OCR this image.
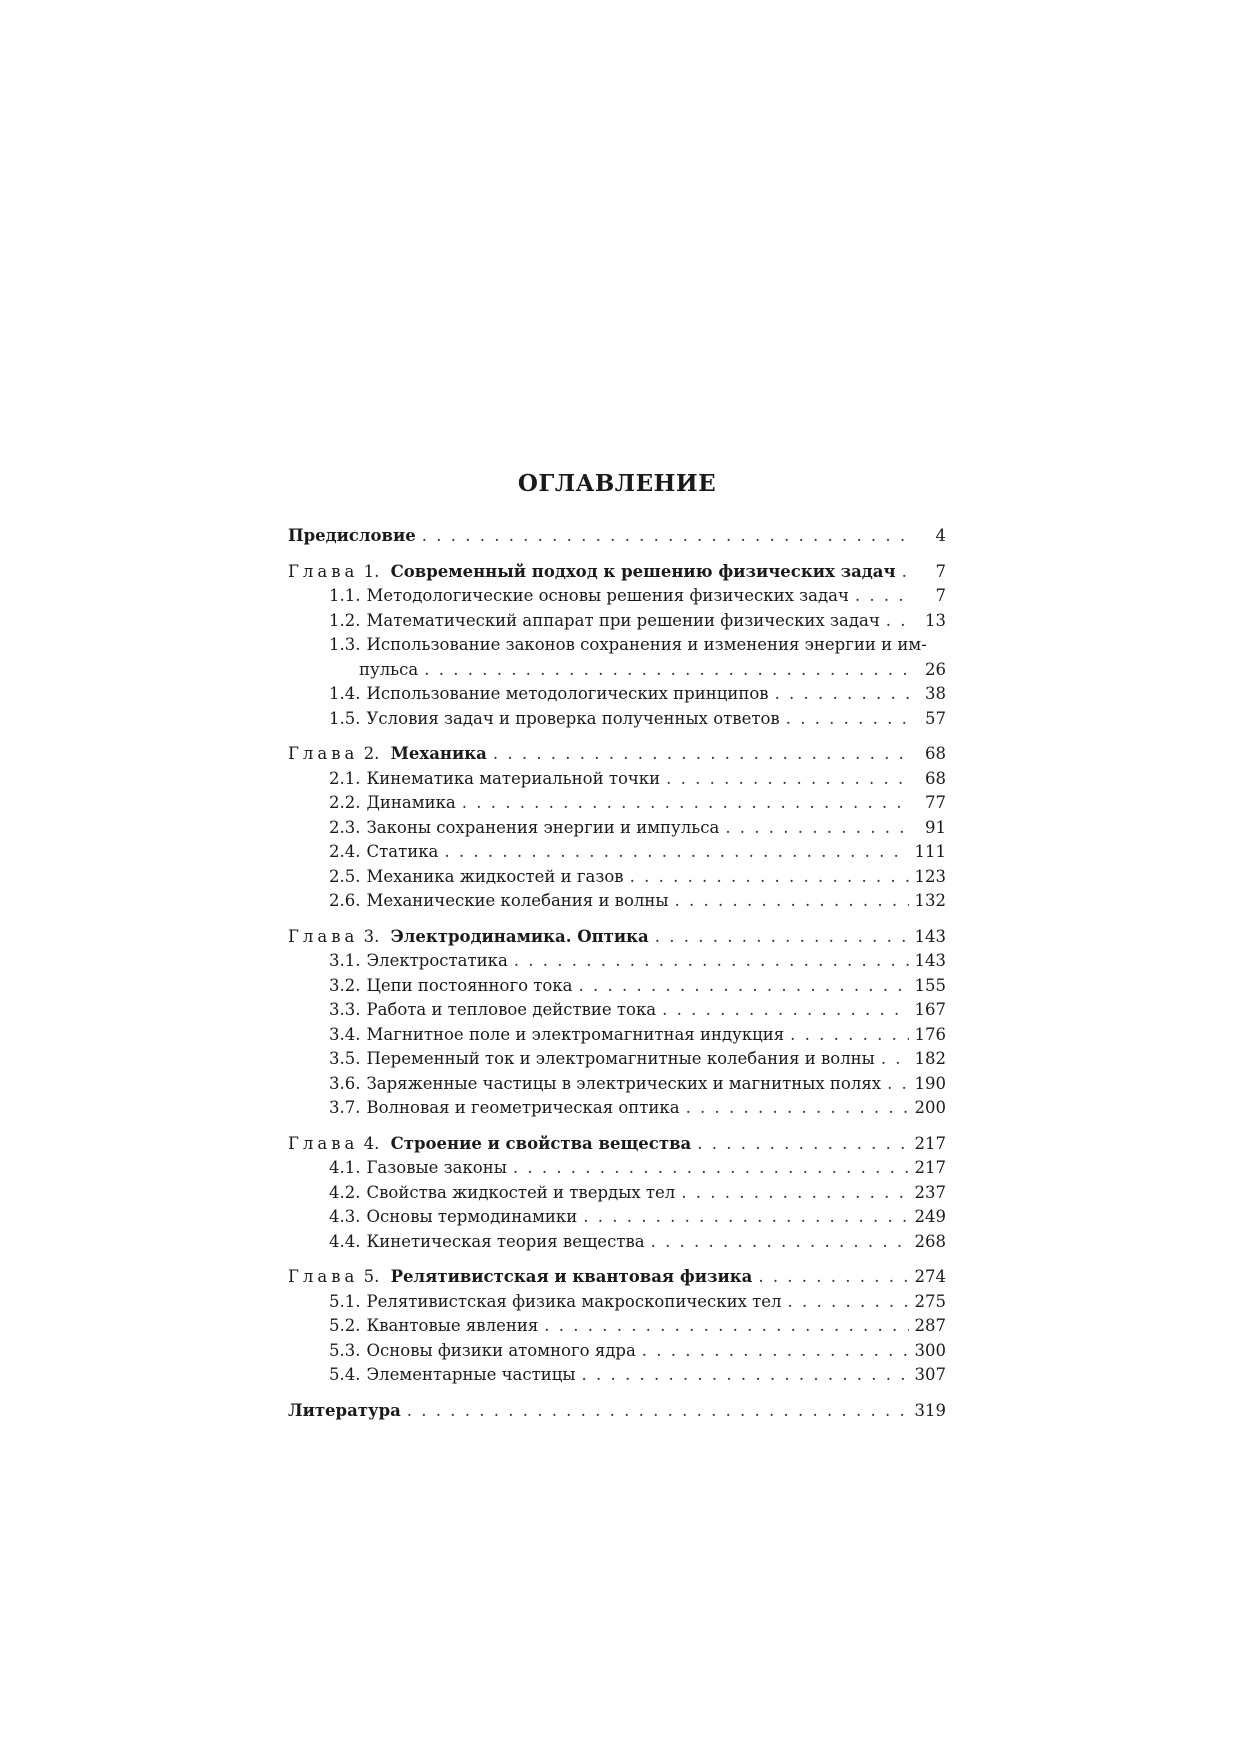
ОГЛАВЛЕНИЕ
Предисловие . . .	4
Глава 1. Современный подход к решению физических задач . . .	7
1.1. Методологические основы решения физических задач . . .	7
1.2. Математический аппарат при решении физических задач . . .	13
1.3. Использование законов сохранения и изменения энергии и им-
пульса . . .	26
1.4. Использование методологических принципов . . .	38
1.5. Условия задач и проверка полученных ответов . . .	57
Глава 2. Механика . . .	68
2.1. Кинематика материальной точки . . .	68
2.2. Динамика . . .	77
2.3. Законы сохранения энергии и импульса . . .	91
2.4. Статика . . .	111
2.5. Механика жидкостей и газов . . .	123
2.6. Механические колебания и волны . . .	132
Глава 3. Электродинамика. Оптика . . .	143
3.1. Электростатика . . .	143
3.2. Цепи постоянного тока . . .	155
3.3. Работа и тепловое действие тока . . .	167
3.4. Магнитное поле и электромагнитная индукция . . .	176
3.5. Переменный ток и электромагнитные колебания и волны . . . 182
3.6. Заряженные частицы в электрических и магнитных полях . . . 190
3.7. Волновая и геометрическая оптика . . .	200
Глава 4. Строение и свойства вещества . . .	217
4.1. Газовые законы . . .	217
4.2. Свойства жидкостей и твердых тел . . .	237
4.3. Основы термодинамики . . .	249
4.4. Кинетическая теория вещества . . .	268
Глава 5. Релятивистская и квантовая физика . . .	274
5.1. Релятивистская физика макроскопических тел . . .	275
5.2. Квантовые явления . . .	287
5.3. Основы физики атомного ядра . . .	300
5.4. Элементарные частицы . . .	307
Литература . . .	319
